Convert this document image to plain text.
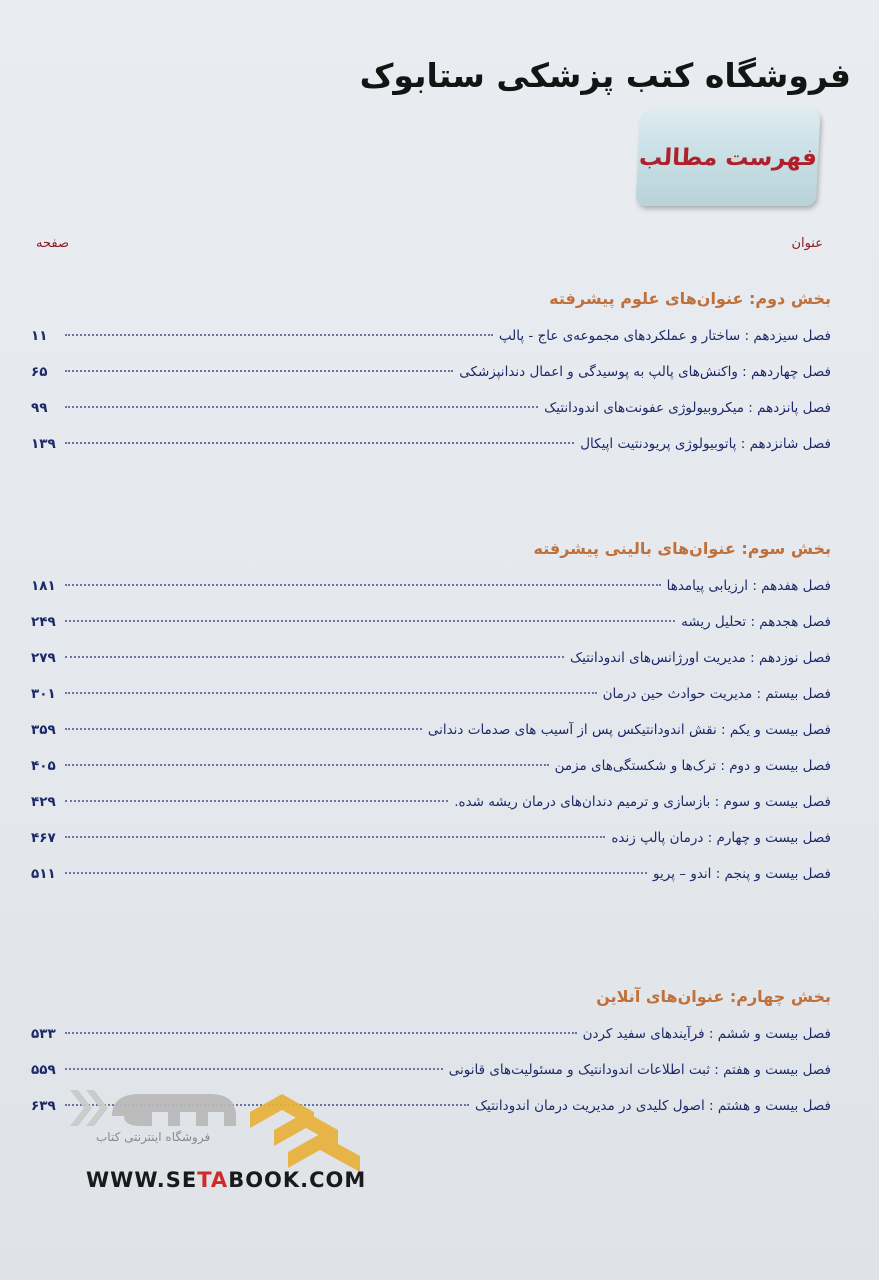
فروشگاه کتب پزشکی ستابوک
فهرست مطالب
عنوان
صفحه
بخش دوم: عنوان‌های علوم پیشرفته
فصل سیزدهم : ساختار و عملکردهای مجموعه‌ی عاج - پالپ
۱۱
فصل چهاردهم : واکنش‌های پالپ به پوسیدگی و اعمال دندانپزشکی
۶۵
فصل پانزدهم : میکروبیولوژی عفونت‌های اندودانتیک
۹۹
فصل شانزدهم : پاتوبیولوژی پریودنتیت اپیکال
۱۳۹
بخش سوم: عنوان‌های بالینی پیشرفته
فصل هفدهم : ارزیابی پیامدها
۱۸۱
فصل هجدهم : تحلیل ریشه
۲۴۹
فصل نوزدهم : مدیریت اورژانس‌های اندودانتیک
۲۷۹
فصل بیستم : مدیریت حوادث حین درمان
۳۰۱
فصل بیست و یکم : نقش اندودانتیکس پس از آسیب های صدمات دندانی
۳۵۹
فصل بیست و دوم : ترک‌ها و شکستگی‌های مزمن
۴۰۵
فصل بیست و سوم : بازسازی و ترمیم دندان‌های درمان ریشه شده.
۴۲۹
فصل بیست و چهارم : درمان پالپ زنده
۴۶۷
فصل بیست و پنجم : اندو – پریو
۵۱۱
بخش چهارم: عنوان‌های آنلاین
فصل بیست و ششم : فرآیندهای سفید کردن
۵۳۳
فصل بیست و هفتم : ثبت اطلاعات اندودانتیک و مسئولیت‌های قانونی
۵۵۹
فصل بیست و هشتم : اصول کلیدی در مدیریت درمان اندودانتیک
۶۳۹
فروشگاه اینترنتی کتاب
WWW.SETABOOK.COM
